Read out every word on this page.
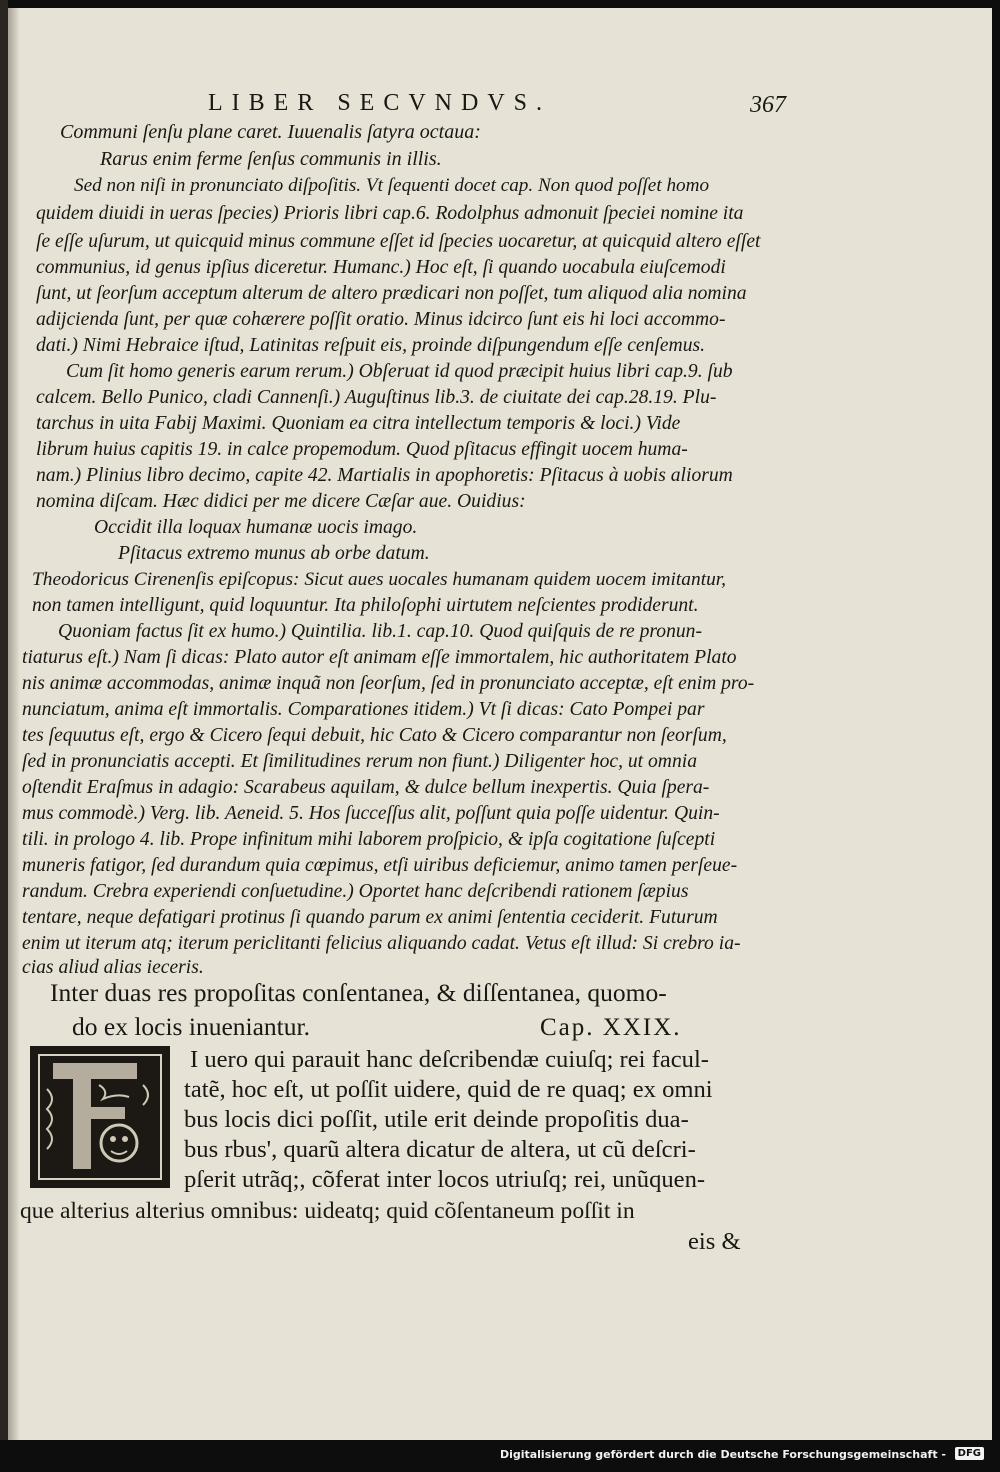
LIBER SECVNDVS.	367
Communi ſenſu plane caret. Iuuenalis ſatyra octaua:
Rarus enim ferme ſenſus communis in illis.
Sed non niſi in pronunciato diſpoſitis. Vt ſequenti docet cap. Non quod poſſet homo
quidem diuidi in ueras ſpecies) Prioris libri cap.6. Rodolphus admonuit ſpeciei nomine ita
ſe eſſe uſurum, ut quicquid minus commune eſſet id ſpecies uocaretur, at quicquid altero eſſet
communius, id genus ipſius diceretur. Humanc.) Hoc eſt, ſi quando uocabula eiuſcemodi
ſunt, ut ſeorſum acceptum alterum de altero prædicari non poſſet, tum aliquod alia nomina
adijcienda ſunt, per quæ cohærere poſſit oratio. Minus idcirco ſunt eis hi loci accommo-
dati.) Nimi Hebraice iſtud, Latinitas reſpuit eis, proinde diſpungendum eſſe cenſemus.
Cum ſit homo generis earum rerum.) Obſeruat id quod præcipit huius libri cap.9. ſub
calcem. Bello Punico, cladi Cannenſi.) Auguſtinus lib.3. de ciuitate dei cap.28.19. Plu-
tarchus in uita Fabij Maximi. Quoniam ea citra intellectum temporis & loci.) Vide
librum huius capitis 19. in calce propemodum. Quod pſitacus effingit uocem huma-
nam.) Plinius libro decimo, capite 42. Martialis in apophoretis: Pſitacus à uobis aliorum
nomina diſcam. Hæc didici per me dicere Cæſar aue. Ouidius:
Occidit illa loquax humanæ uocis imago.
Pſitacus extremo munus ab orbe datum.
Theodoricus Cirenenſis epiſcopus: Sicut aues uocales humanam quidem uocem imitantur,
non tamen intelligunt, quid loquuntur. Ita philoſophi uirtutem neſcientes prodiderunt.
Quoniam factus ſit ex humo.) Quintilia. lib.1. cap.10. Quod quiſquis de re pronun-
tiaturus eſt.) Nam ſi dicas: Plato autor eſt animam eſſe immortalem, hic authoritatem Plato
nis animæ accommodas, animæ inquã non ſeorſum, ſed in pronunciato acceptæ, eſt enim pro-
nunciatum, anima eſt immortalis. Comparationes itidem.) Vt ſi dicas: Cato Pompei par
tes ſequutus eſt, ergo & Cicero ſequi debuit, hic Cato & Cicero comparantur non ſeorſum,
ſed in pronunciatis accepti. Et ſimilitudines rerum non fiunt.) Diligenter hoc, ut omnia
oſtendit Eraſmus in adagio: Scarabeus aquilam, & dulce bellum inexpertis. Quia ſpera-
mus commodè.) Verg. lib. Aeneid. 5. Hos ſucceſſus alit, poſſunt quia poſſe uidentur. Quin-
tili. in prologo 4. lib. Prope infinitum mihi laborem proſpicio, & ipſa cogitatione ſuſcepti
muneris fatigor, ſed durandum quia cœpimus, etſi uiribus deficiemur, animo tamen perſeue-
randum. Crebra experiendi conſuetudine.) Oportet hanc deſcribendi rationem ſæpius
tentare, neque defatigari protinus ſi quando parum ex animi ſententia ceciderit. Futurum
enim ut iterum atq; iterum periclitanti felicius aliquando cadat. Vetus eſt illud: Si crebro ia-
cias aliud alias ieceris.
Inter duas res propoſitas conſentanea, & diſſentanea, quomo-
do ex locis inueniantur.	Cap. XXIX.
I uero qui parauit hanc deſcribendæ cuiuſq; rei facul-
tatẽ, hoc eſt, ut poſſit uidere, quid de re quaq; ex omni
bus locis dici poſſit, utile erit deinde propoſitis dua-
bus rbus', quarũ altera dicatur de altera, ut cũ deſcri-
pſerit utrãq;, cõferat inter locos utriuſq; rei, unũquen-
que alterius alterius omnibus: uideatq; quid cõſentaneum poſſit in
eis &
Digitalisierung gefördert durch die Deutsche Forschungsgemeinschaft -	DFG
